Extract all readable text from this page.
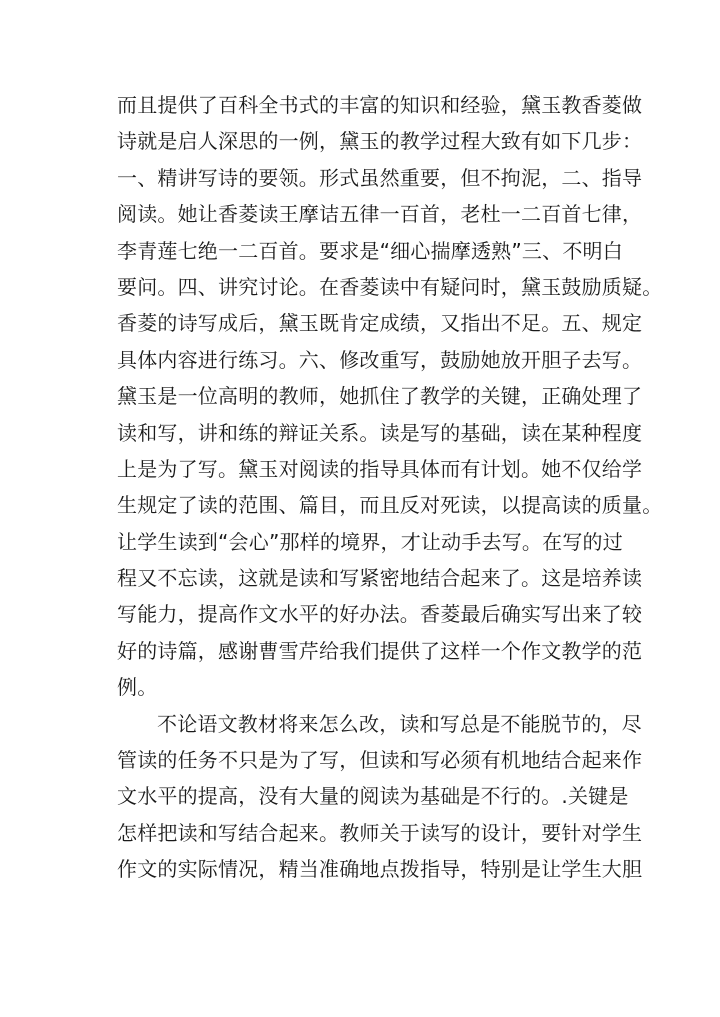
而且提供了百科全书式的丰富的知识和经验，黛玉教香菱做
诗就是启人深思的一例，黛玉的教学过程大致有如下几步：
一、精讲写诗的要领。形式虽然重要，但不拘泥，二、指导
阅读。她让香菱读王摩诘五律一百首，老杜一二百首七律，
李青莲七绝一二百首。要求是“细心揣摩透熟”三、不明白
要问。四、讲究讨论。在香菱读中有疑问时，黛玉鼓励质疑。
香菱的诗写成后，黛玉既肯定成绩，又指出不足。五、规定
具体内容进行练习。六、修改重写，鼓励她放开胆子去写。
黛玉是一位高明的教师，她抓住了教学的关键，正确处理了
读和写，讲和练的辩证关系。读是写的基础，读在某种程度
上是为了写。黛玉对阅读的指导具体而有计划。她不仅给学
生规定了读的范围、篇目，而且反对死读，以提高读的质量。
让学生读到“会心”那样的境界，才让动手去写。在写的过
程又不忘读，这就是读和写紧密地结合起来了。这是培养读
写能力，提高作文水平的好办法。香菱最后确实写出来了较
好的诗篇，感谢曹雪芹给我们提供了这样一个作文教学的范
例。
不论语文教材将来怎么改，读和写总是不能脱节的，尽
管读的任务不只是为了写，但读和写必须有机地结合起来作
文水平的提高，没有大量的阅读为基础是不行的。.关键是
怎样把读和写结合起来。教师关于读写的设计，要针对学生
作文的实际情况，精当准确地点拨指导，特别是让学生大胆
